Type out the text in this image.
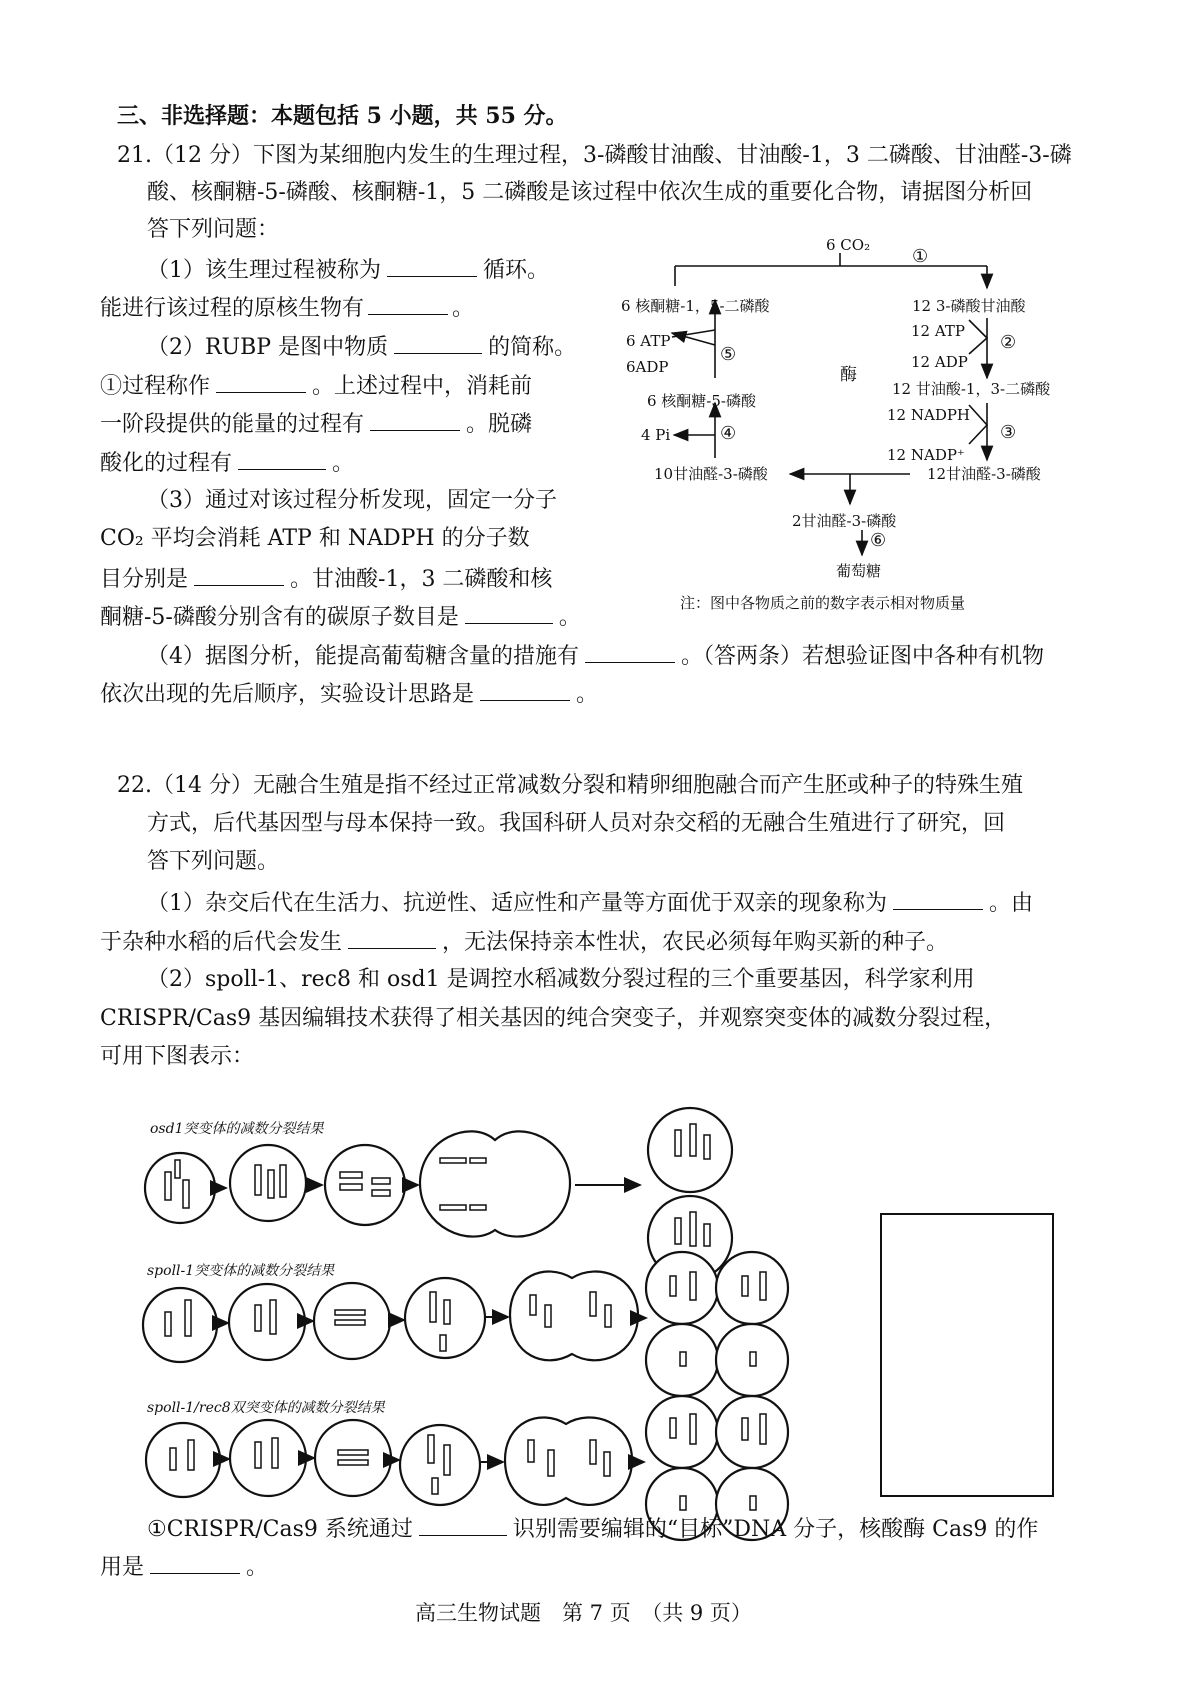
三、非选择题：本题包括 5 小题，共 55 分。
21.（12 分）下图为某细胞内发生的生理过程，3-磷酸甘油酸、甘油酸-1，3 二磷酸、甘油醛-3-磷
酸、核酮糖-5-磷酸、核酮糖-1，5 二磷酸是该过程中依次生成的重要化合物，请据图分析回
答下列问题：
（1）该生理过程被称为	循环。
能进行该过程的原核生物有	。
（2）RUBP 是图中物质	的简称。
①过程称作	。上述过程中，消耗前
一阶段提供的能量的过程有	。脱磷
酸化的过程有	。
（3）通过对该过程分析发现，固定一分子
CO₂ 平均会消耗 ATP 和 NADPH 的分子数
目分别是	。甘油酸-1，3 二磷酸和核
酮糖-5-磷酸分别含有的碳原子数目是	。
（4）据图分析，能提高葡萄糖含量的措施有	。（答两条）若想验证图中各种有机物
依次出现的先后顺序，实验设计思路是	。
6 CO₂
①
6 核酮糖-1，5-二磷酸	12 3-磷酸甘油酸
6 ATP
6ADP
⑤
12 ATP
12 ADP
②
酶
12 甘油酸-1，3-二磷酸
6 核酮糖-5-磷酸
12 NADPH
12 NADP⁺
③
4 Pi	④
10甘油醛-3-磷酸	12甘油醛-3-磷酸
2甘油醛-3-磷酸
⑥
葡萄糖
注：图中各物质之前的数字表示相对物质量
22.（14 分）无融合生殖是指不经过正常减数分裂和精卵细胞融合而产生胚或种子的特殊生殖
方式，后代基因型与母本保持一致。我国科研人员对杂交稻的无融合生殖进行了研究，回
答下列问题。
（1）杂交后代在生活力、抗逆性、适应性和产量等方面优于双亲的现象称为	。由
于杂种水稻的后代会发生	，无法保持亲本性状，农民必须每年购买新的种子。
（2）spoll-1、rec8 和 osd1 是调控水稻减数分裂过程的三个重要基因，科学家利用
CRISPR/Cas9 基因编辑技术获得了相关基因的纯合突变子，并观察突变体的减数分裂过程，
可用下图表示：
osd1突变体的减数分裂结果
spoll-1突变体的减数分裂结果
spoll-1/rec8双突变体的减数分裂结果
①CRISPR/Cas9 系统通过	识别需要编辑的“目标”DNA 分子，核酸酶 Cas9 的作
用是	。
高三生物试题　第 7 页　（共 9 页）
